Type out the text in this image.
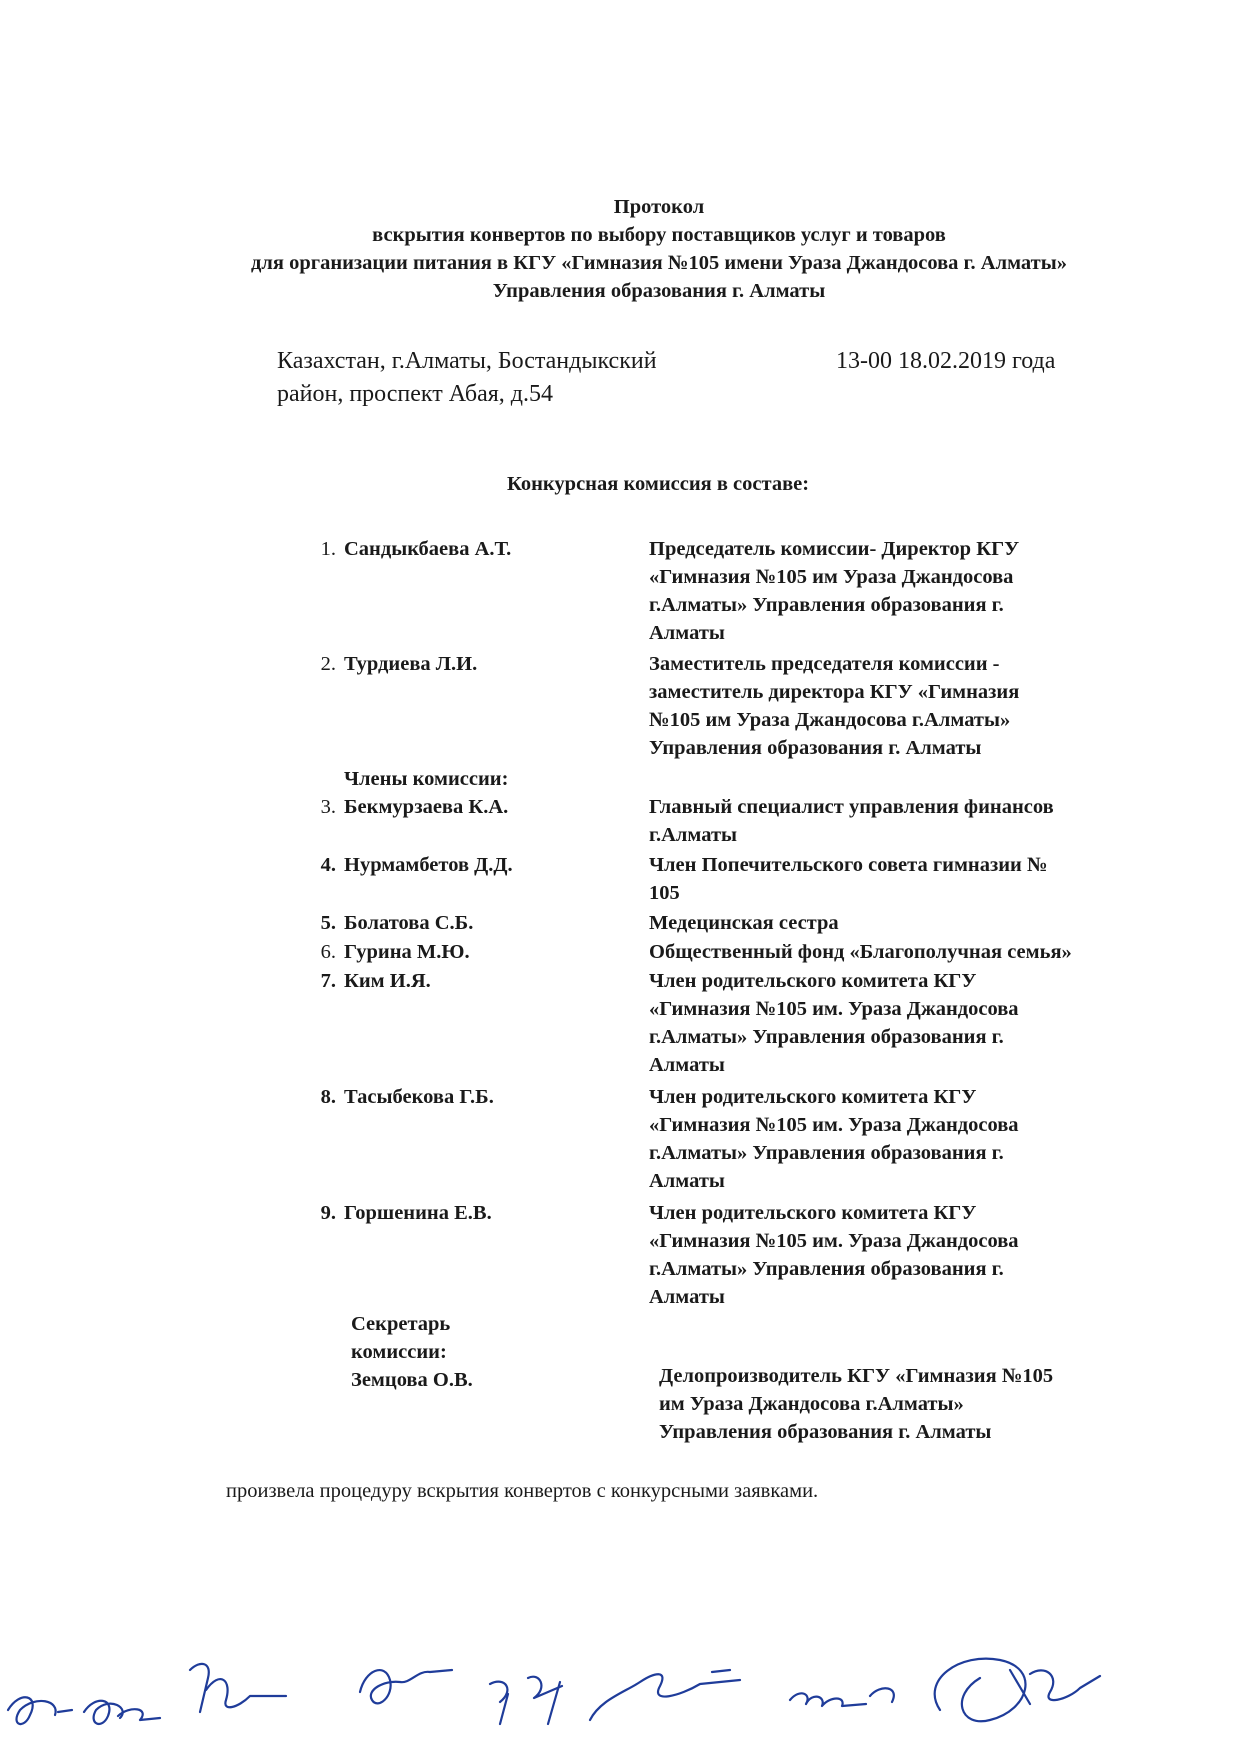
Протокол
вскрытия конвертов по выбору поставщиков услуг и товаров
для организации питания в КГУ «Гимназия №105 имени Ураза Джандосова г. Алматы»
Управления образования г. Алматы
Казахстан, г.Алматы, Бостандыкский
район, проспект Абая, д.54
13-00 18.02.2019 года
Конкурсная комиссия в составе:
1. Сандыкбаева А.Т.	Председатель комиссии- Директор КГУ
«Гимназия №105 им Ураза Джандосова
г.Алматы» Управления образования г.
Алматы
2. Турдиева Л.И.	Заместитель председателя комиссии -
заместитель директора КГУ «Гимназия
№105 им Ураза Джандосова г.Алматы»
Управления образования г. Алматы
Члены комиссии:
3. Бекмурзаева К.А.	Главный специалист управления финансов
г.Алматы
4. Нурмамбетов Д.Д.	Член Попечительского совета гимназии №
105
5. Болатова С.Б.	Медецинская сестра
6. Гурина М.Ю.	Общественный фонд «Благополучная семья»
7. Ким И.Я.	Член родительского комитета КГУ
«Гимназия №105 им. Ураза Джандосова
г.Алматы» Управления образования г.
Алматы
8. Тасыбекова Г.Б.	Член родительского комитета КГУ
«Гимназия №105 им. Ураза Джандосова
г.Алматы» Управления образования г.
Алматы
9. Горшенина Е.В.	Член родительского комитета КГУ
«Гимназия №105 им. Ураза Джандосова
г.Алматы» Управления образования г.
Алматы
Секретарь
комиссии:
Земцова О.В.	Делопроизводитель КГУ «Гимназия №105
им Ураза Джандосова г.Алматы»
Управления образования г. Алматы
произвела процедуру вскрытия конвертов с конкурсными заявками.
